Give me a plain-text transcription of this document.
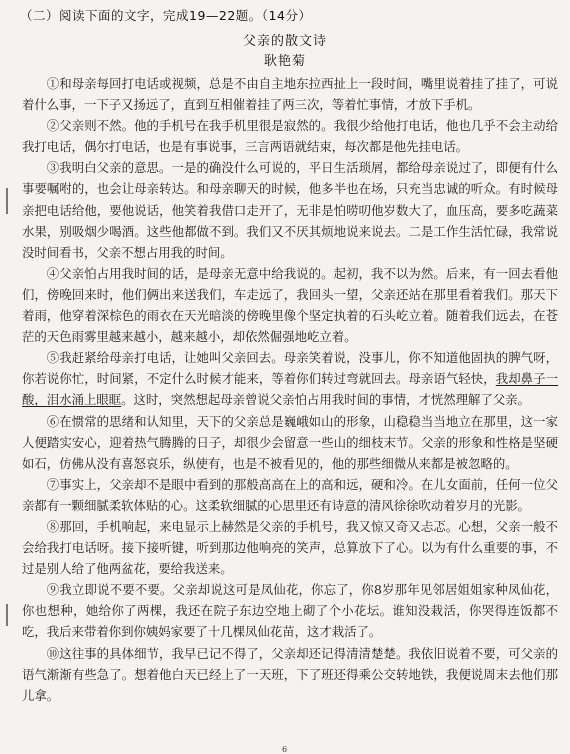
（二）阅读下面的文字，完成19—22题。（14分）
父亲的散文诗
耿艳菊

①和母亲每回打电话或视频，总是不由自主地东拉西扯上一段时间，嘴里说着挂了挂了，可说着什么事，一下子又扬远了，直到互相催着挂了两三次，等着忙事情，才放下手机。

②父亲则不然。他的手机号在我手机里很是寂然的。我很少给他打电话，他也几乎不会主动给我打电话，偶尔打电话，也是有事说事，三言两语就结束，每次都是他先挂电话。

③我明白父亲的意思。一是的确没什么可说的，平日生活琐屑，都给母亲说过了，即便有什么事要嘱咐的，也会让母亲转达。和母亲聊天的时候，他多半也在场，只充当忠诚的听众。有时候母亲把电话给他，要他说话，他笑着我借口走开了，无非是怕唠叨他岁数大了，血压高，要多吃蔬菜水果，别吸烟少喝酒。这些他都做不到。我们又不厌其烦地说来说去。二是工作生活忙碌，我常说没时间看书，父亲不想占用我的时间。

④父亲怕占用我时间的话，是母亲无意中给我说的。起初，我不以为然。后来，有一回去看他们，傍晚回来时，他们俩出来送我们，车走远了，我回头一望，父亲还站在那里看着我们。那天下着雨，他穿着深棕色的雨衣在天光暗淡的傍晚里像个坚定执着的石头屹立着。随着我们远去，在苍茫的天色雨雾里越来越小，越来越小，却依然倔强地屹立着。

⑤我赶紧给母亲打电话，让她叫父亲回去。母亲笑着说，没事儿，你不知道他固执的脾气呀，你若说你忙，时间紧，不定什么时候才能来，等着你们转过弯就回去。母亲语气轻快，我却鼻子一酸，泪水涌上眼眶。这时，突然想起母亲曾说父亲怕占用我时间的事情，才恍然理解了父亲。

⑥在惯常的思绪和认知里，天下的父亲总是巍峨如山的形象，山稳稳当当地立在那里，这一家人便踏实安心，迎着热气腾腾的日子，却很少会留意一些山的细枝末节。父亲的形象和性格是坚硬如石，仿佛从没有喜怒哀乐，纵使有，也是不被看见的，他的那些细微从来都是被忽略的。

⑦事实上，父亲却不是眼中看到的那般高高在上的高和远，硬和冷。在儿女面前，任何一位父亲都有一颗细腻柔软体贴的心。这柔软细腻的心思里还有诗意的清风徐徐吹动着岁月的光影。

⑧那回，手机响起，来电显示上赫然是父亲的手机号，我又惊又奇又忐忑。心想，父亲一般不会给我打电话呀。接下接听键，听到那边他响亮的笑声，总算放下了心。以为有什么重要的事，不过是别人给了他两盆花，要给我送来。

⑨我立即说不要不要。父亲却说这可是凤仙花，你忘了，你8岁那年见邻居姐姐家种凤仙花，你也想种，她给你了两棵，我还在院子东边空地上砌了个小花坛。谁知没栽活，你哭得连饭都不吃，我后来带着你到你姨妈家要了十几棵凤仙花苗，这才栽活了。

⑩这往事的具体细节，我早已记不得了，父亲却还记得清清楚楚。我依旧说着不要，可父亲的语气渐渐有些急了。想着他白天已经上了一天班，下了班还得乘公交转地铁，我便说周末去他们那儿拿。

6
